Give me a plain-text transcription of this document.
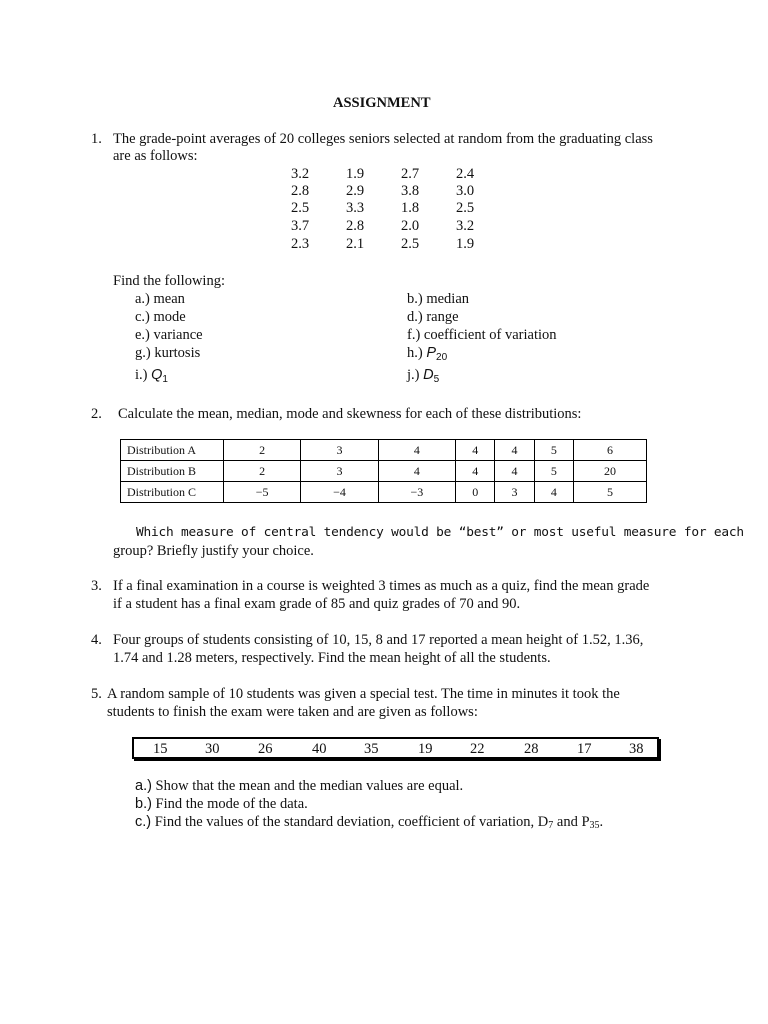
ASSIGNMENT
1. The grade-point averages of 20 colleges seniors selected at random from the graduating class
are as follows:
3.2	1.9	2.7	2.4
2.8	2.9	3.8	3.0
2.5	3.3	1.8	2.5
3.7	2.8	2.0	3.2
2.3	2.1	2.5	1.9
Find the following:
a.) mean	b.) median
c.) mode	d.) range
e.) variance	f.) coefficient of variation
g.) kurtosis	h.) $P_{20}$
i.) $Q_1$	j.) $D_5$
2. Calculate the mean, median, mode and skewness for each of these distributions:
Distribution A	2	3	4	4	4	5	6
Distribution B	2	3	4	4	4	5	20
Distribution C	−5	−4	−3	0	3	4	5
Which measure of central tendency would be “best” or most useful measure for each
group? Briefly justify your choice.
3. If a final examination in a course is weighted 3 times as much as a quiz, find the mean grade
if a student has a final exam grade of 85 and quiz grades of 70 and 90.
4. Four groups of students consisting of 10, 15, 8 and 17 reported a mean height of 1.52, 1.36,
1.74 and 1.28 meters, respectively. Find the mean height of all the students.
5. A random sample of 10 students was given a special test. The time in minutes it took the
students to finish the exam were taken and are given as follows:
15	30	26	40	35	19	22	28	17	38
a.) Show that the mean and the median values are equal.
b.) Find the mode of the data.
c.) Find the values of the standard deviation, coefficient of variation, D7 and P35.
